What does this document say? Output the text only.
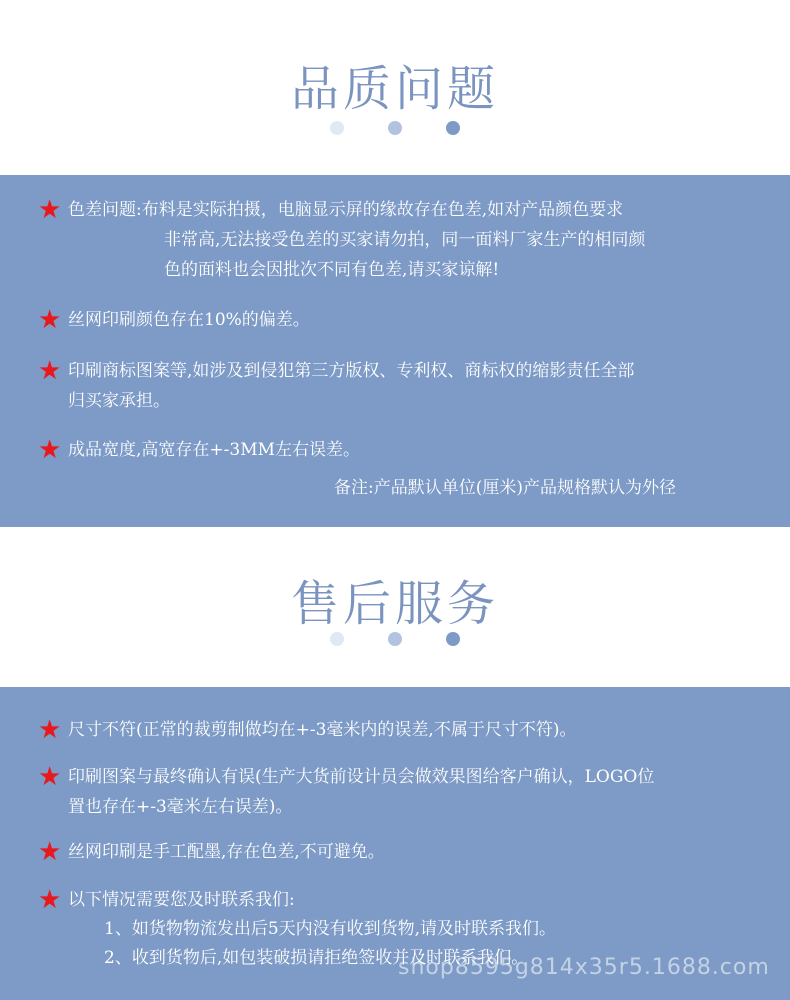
品质问题
★ 色差问题:布料是实际拍摄，电脑显示屏的缘故存在色差,如对产品颜色要求
非常高,无法接受色差的买家请勿拍，同一面料厂家生产的相同颜
色的面料也会因批次不同有色差,请买家谅解!
★ 丝网印刷颜色存在10%的偏差。
★ 印刷商标图案等,如涉及到侵犯第三方版权、专利权、商标权的缩影责任全部
归买家承担。
★ 成品宽度,高宽存在+-3MM左右误差。
备注:产品默认单位(厘米)产品规格默认为外径
售后服务
★ 尺寸不符(正常的裁剪制做均在+-3毫米内的误差,不属于尺寸不符)。
★ 印刷图案与最终确认有误(生产大货前设计员会做效果图给客户确认，LOGO位
置也存在+-3毫米左右误差)。
★ 丝网印刷是手工配墨,存在色差,不可避免。
★ 以下情况需要您及时联系我们:
1、如货物物流发出后5天内没有收到货物,请及时联系我们。
2、收到货物后,如包装破损请拒绝签收并及时联系我们。
shop8595g814x35r5.1688.com
